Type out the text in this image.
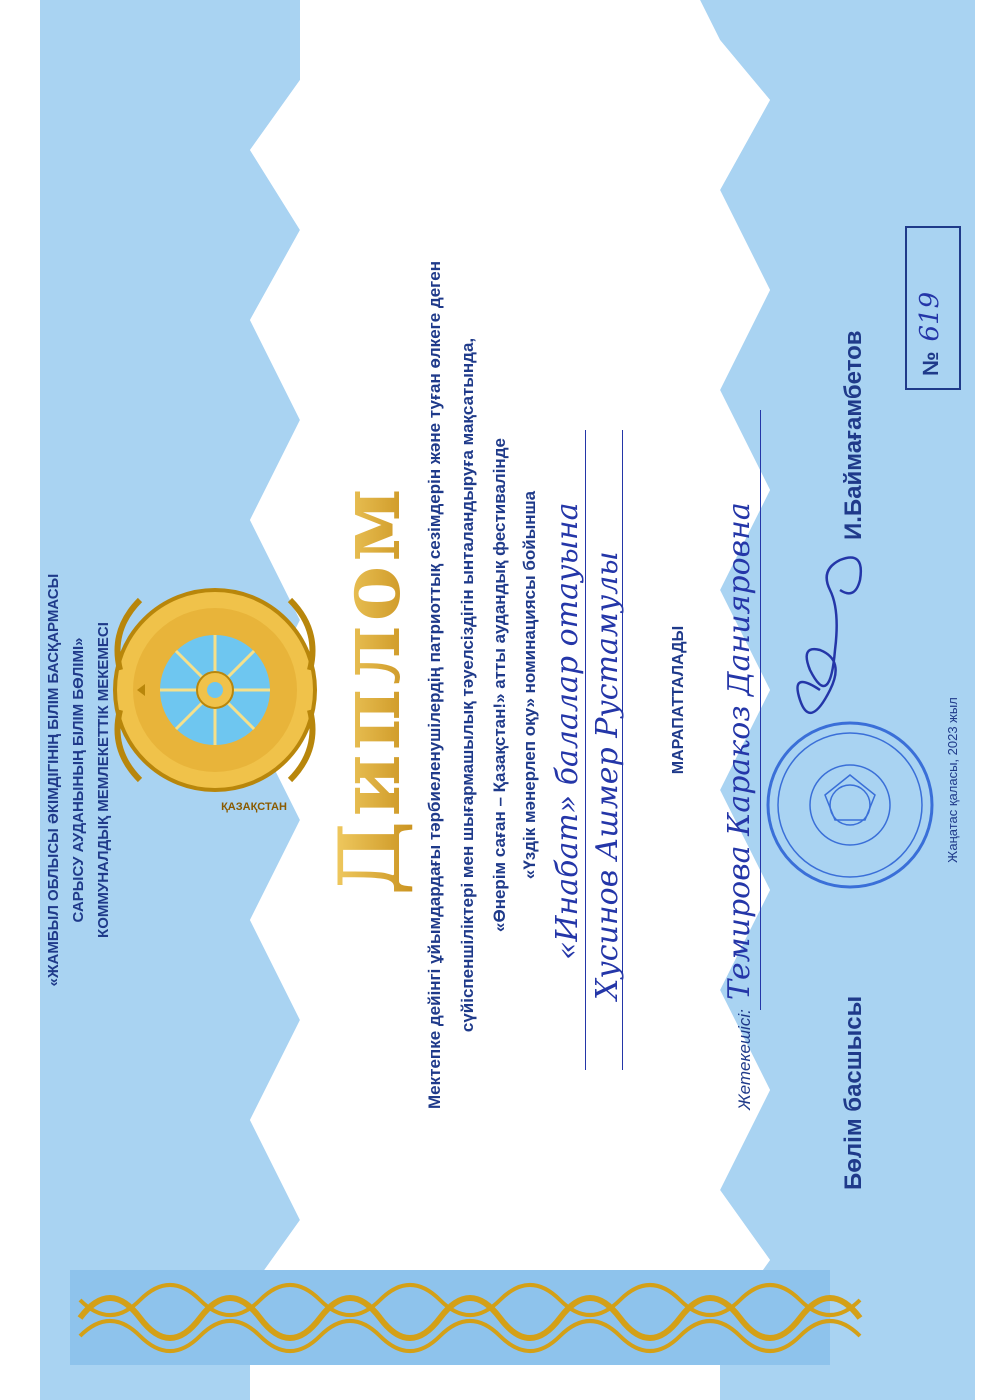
«ЖАМБЫЛ ОБЛЫСЫ ӘКІМДІГІНІҢ БІЛІМ БАСҚАРМАСЫ САРЫСУ АУДАНЫНЫҢ БІЛІМ БӨЛІМІ» КОММУНАЛДЫҚ МЕМЛЕКЕТТІК МЕКЕМЕСІ Диплом Мектепке дейінгі ұйымдардағы тәрбиеленушілердің патриоттық сезімдерін және туған өлкеге деген сүйіспеншіліктері мен шығармашылық тәуелсіздігін ынталандыруға мақсатында, «Өнерім саған – Қазақстан!» атты аудандық фестивалінде «Үздік мәнерлеп оқу» номинациясы бойынша «Инабат» балалар отауына Хусинов Ашмер Рустамулы	МАРАПАТТАЛАДЫ
Жетекешісі:
Темирова Каракоз Данияровна
Бөлім басшысы
И.Баймағамбетов
Жаңатас қаласы, 2023 жыл
№619
ҚАЗАҚСТАН
